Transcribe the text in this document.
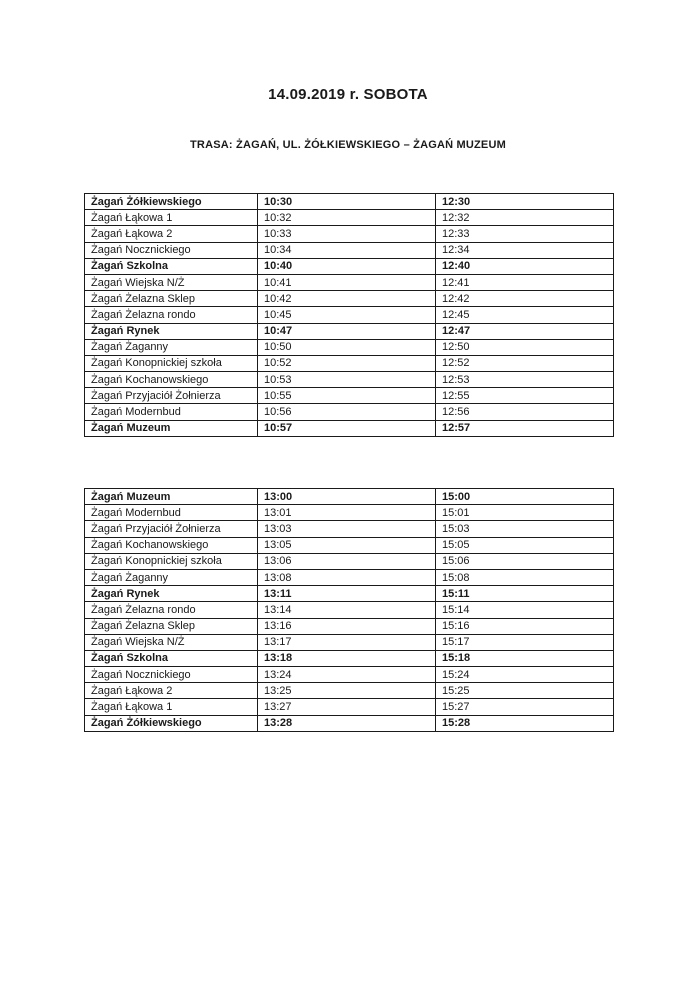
14.09.2019 r. SOBOTA
TRASA: ŻAGAŃ, UL. ŻÓŁKIEWSKIEGO – ŻAGAŃ MUZEUM
Żagań Żółkiewskiego	10:30	12:30
Żagań Łąkowa 1	10:32	12:32
Żagań Łąkowa 2	10:33	12:33
Żagań Nocznickiego	10:34	12:34
Żagań Szkolna	10:40	12:40
Żagań Wiejska N/Ż	10:41	12:41
Żagań Żelazna Sklep	10:42	12:42
Żagań Żelazna rondo	10:45	12:45
Żagań Rynek	10:47	12:47
Żagań Żaganny	10:50	12:50
Żagań Konopnickiej szkoła	10:52	12:52
Żagań Kochanowskiego	10:53	12:53
Żagań Przyjaciół Żołnierza	10:55	12:55
Żagań Modernbud	10:56	12:56
Żagań Muzeum	10:57	12:57
Żagań Muzeum	13:00	15:00
Żagań Modernbud	13:01	15:01
Żagań Przyjaciół Żołnierza	13:03	15:03
Żagań Kochanowskiego	13:05	15:05
Żagań Konopnickiej szkoła	13:06	15:06
Żagań Żaganny	13:08	15:08
Żagań Rynek	13:11	15:11
Żagań Żelazna rondo	13:14	15:14
Żagań Żelazna Sklep	13:16	15:16
Żagań Wiejska N/Ż	13:17	15:17
Żagań Szkolna	13:18	15:18
Żagań Nocznickiego	13:24	15:24
Żagań Łąkowa 2	13:25	15:25
Żagań Łąkowa 1	13:27	15:27
Żagań Żółkiewskiego	13:28	15:28
